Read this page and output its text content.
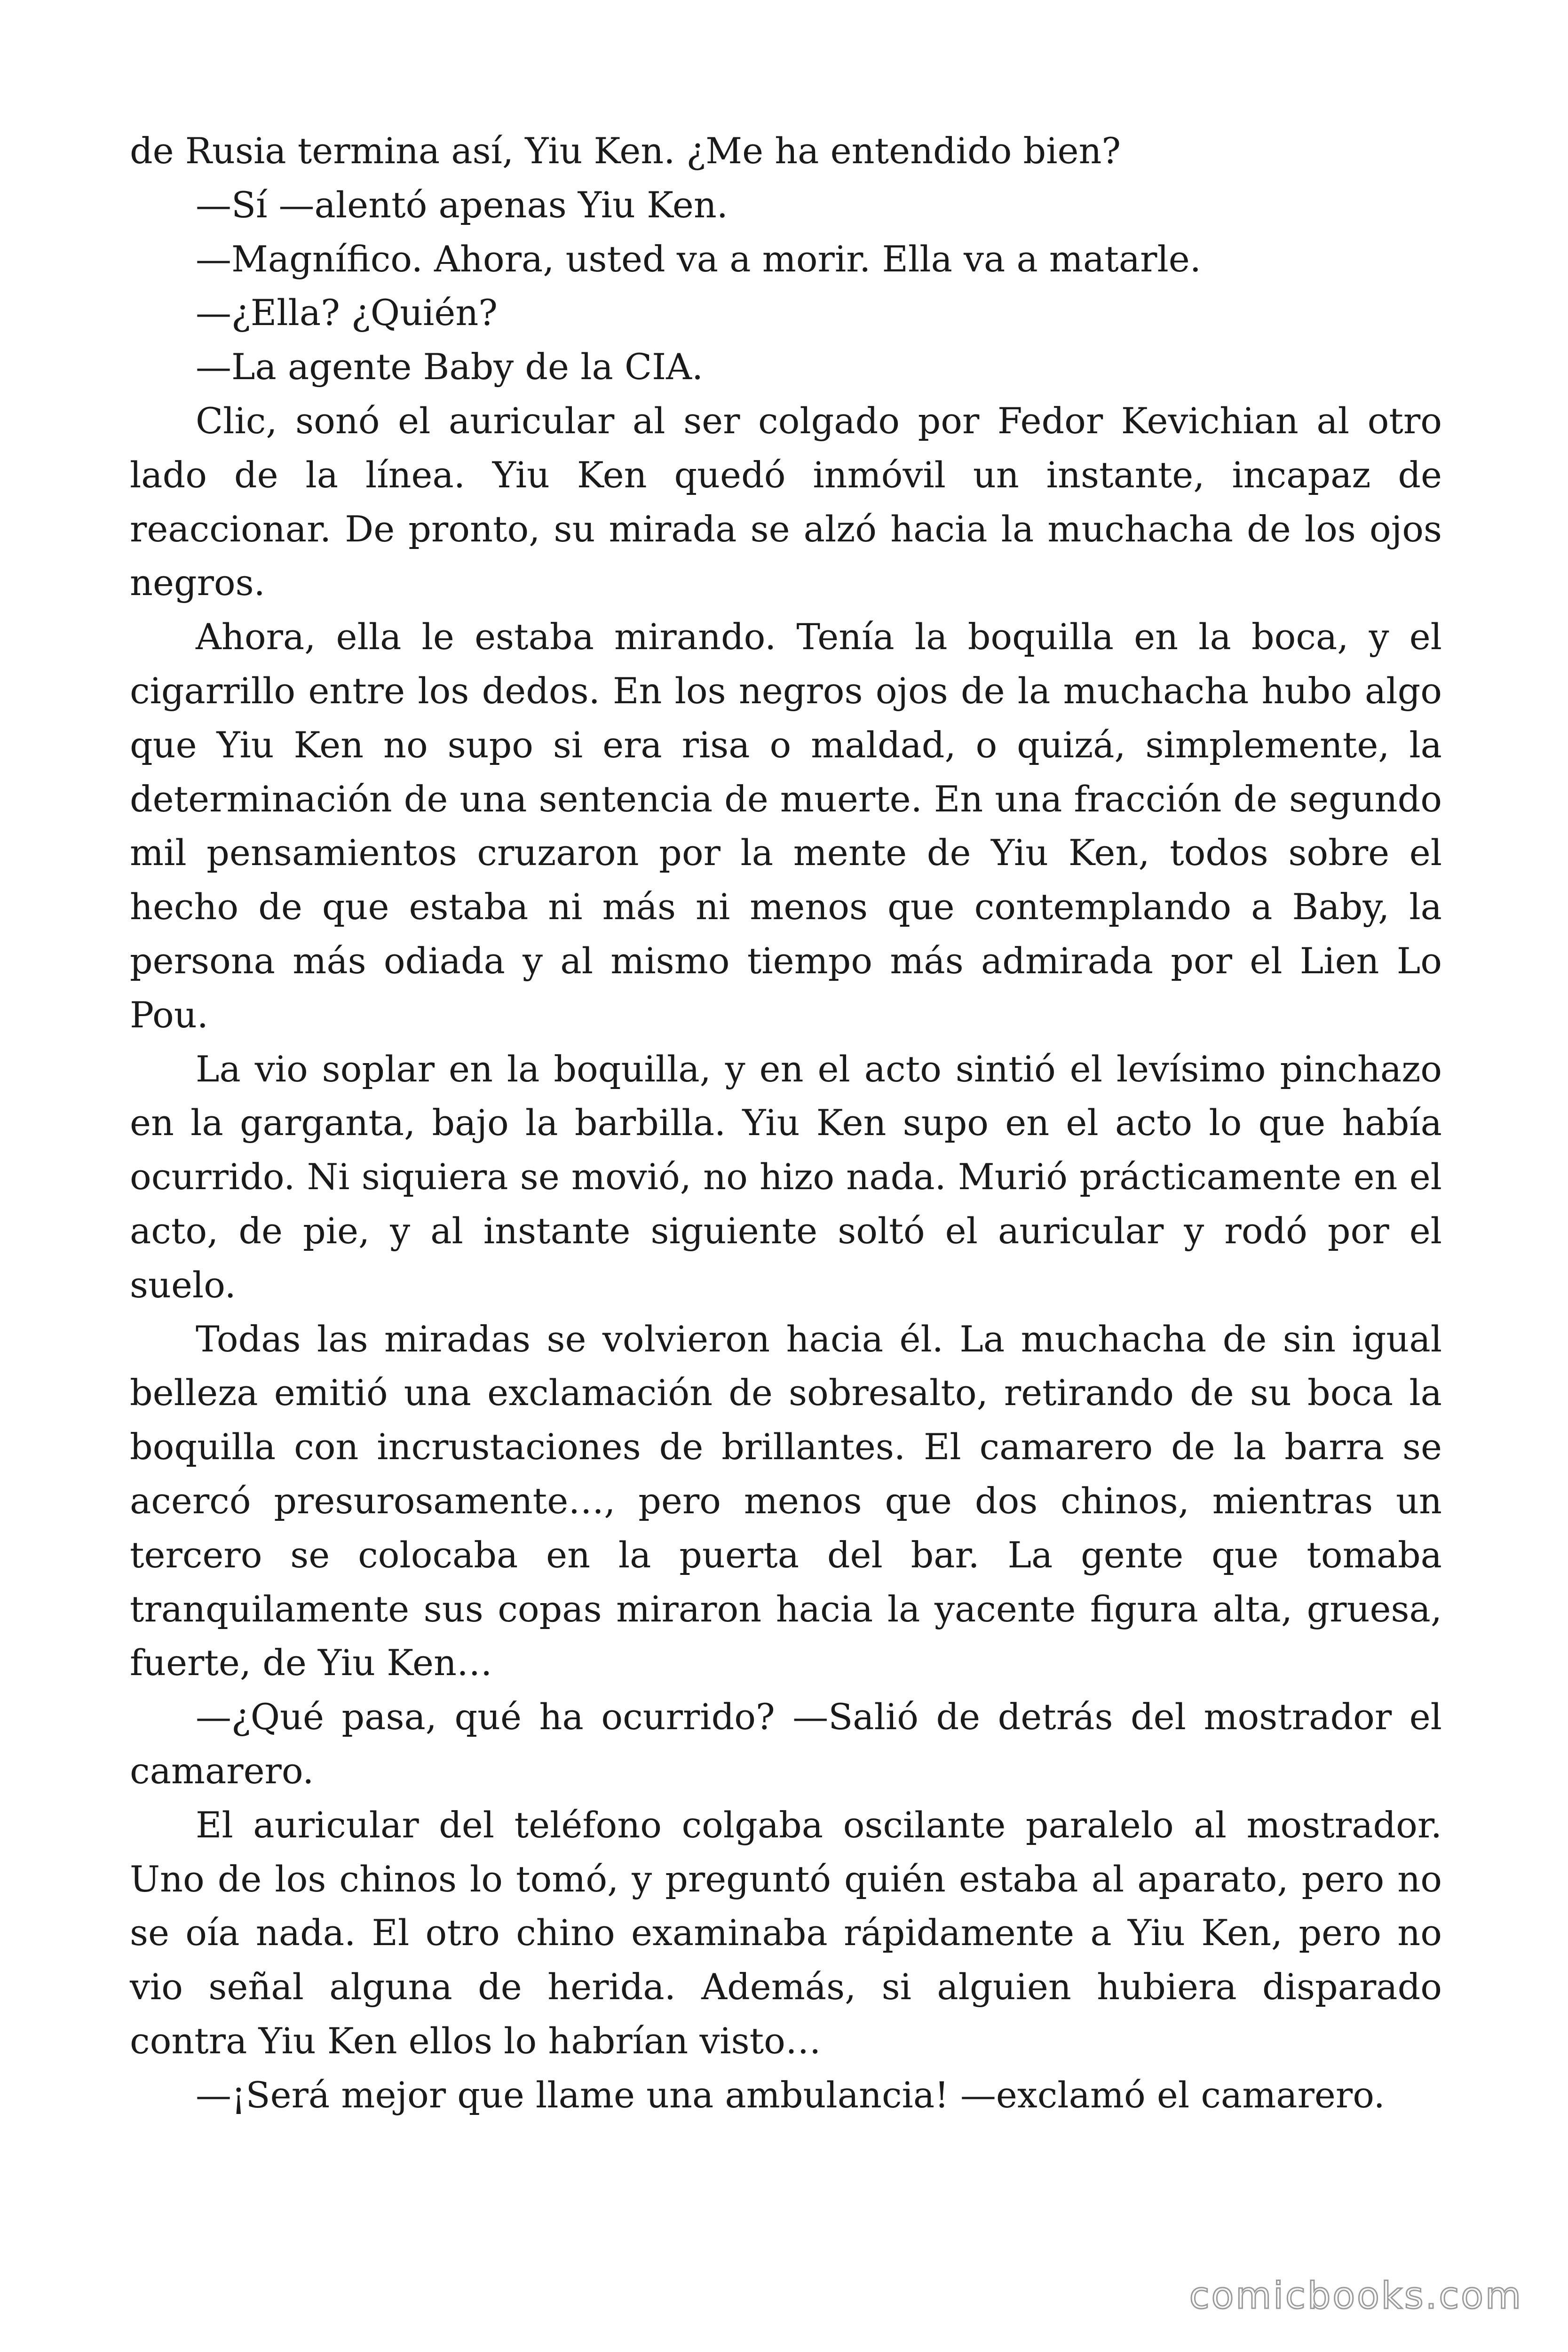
de Rusia termina así, Yiu Ken. ¿Me ha entendido bien?

—Sí —alentó apenas Yiu Ken.

—Magnífico. Ahora, usted va a morir. Ella va a matarle.

—¿Ella? ¿Quién?

—La agente Baby de la CIA.

Clic, sonó el auricular al ser colgado por Fedor Kevichian al otro lado de la línea. Yiu Ken quedó inmóvil un instante, incapaz de reaccionar. De pronto, su mirada se alzó hacia la muchacha de los ojos negros.

Ahora, ella le estaba mirando. Tenía la boquilla en la boca, y el cigarrillo entre los dedos. En los negros ojos de la muchacha hubo algo que Yiu Ken no supo si era risa o maldad, o quizá, simplemente, la determinación de una sentencia de muerte. En una fracción de segundo mil pensamientos cruzaron por la mente de Yiu Ken, todos sobre el hecho de que estaba ni más ni menos que contemplando a Baby, la persona más odiada y al mismo tiempo más admirada por el Lien Lo Pou.

La vio soplar en la boquilla, y en el acto sintió el levísimo pinchazo en la garganta, bajo la barbilla. Yiu Ken supo en el acto lo que había ocurrido. Ni siquiera se movió, no hizo nada. Murió prácticamente en el acto, de pie, y al instante siguiente soltó el auricular y rodó por el suelo.

Todas las miradas se volvieron hacia él. La muchacha de sin igual belleza emitió una exclamación de sobresalto, retirando de su boca la boquilla con incrustaciones de brillantes. El camarero de la barra se acercó presurosamente…, pero menos que dos chinos, mientras un tercero se colocaba en la puerta del bar. La gente que tomaba tranquilamente sus copas miraron hacia la yacente figura alta, gruesa, fuerte, de Yiu Ken…

—¿Qué pasa, qué ha ocurrido? —Salió de detrás del mostrador el camarero.

El auricular del teléfono colgaba oscilante paralelo al mostrador. Uno de los chinos lo tomó, y preguntó quién estaba al aparato, pero no se oía nada. El otro chino examinaba rápidamente a Yiu Ken, pero no vio señal alguna de herida. Además, si alguien hubiera disparado contra Yiu Ken ellos lo habrían visto…

—¡Será mejor que llame una ambulancia! —exclamó el camarero.

comicbooks.com
